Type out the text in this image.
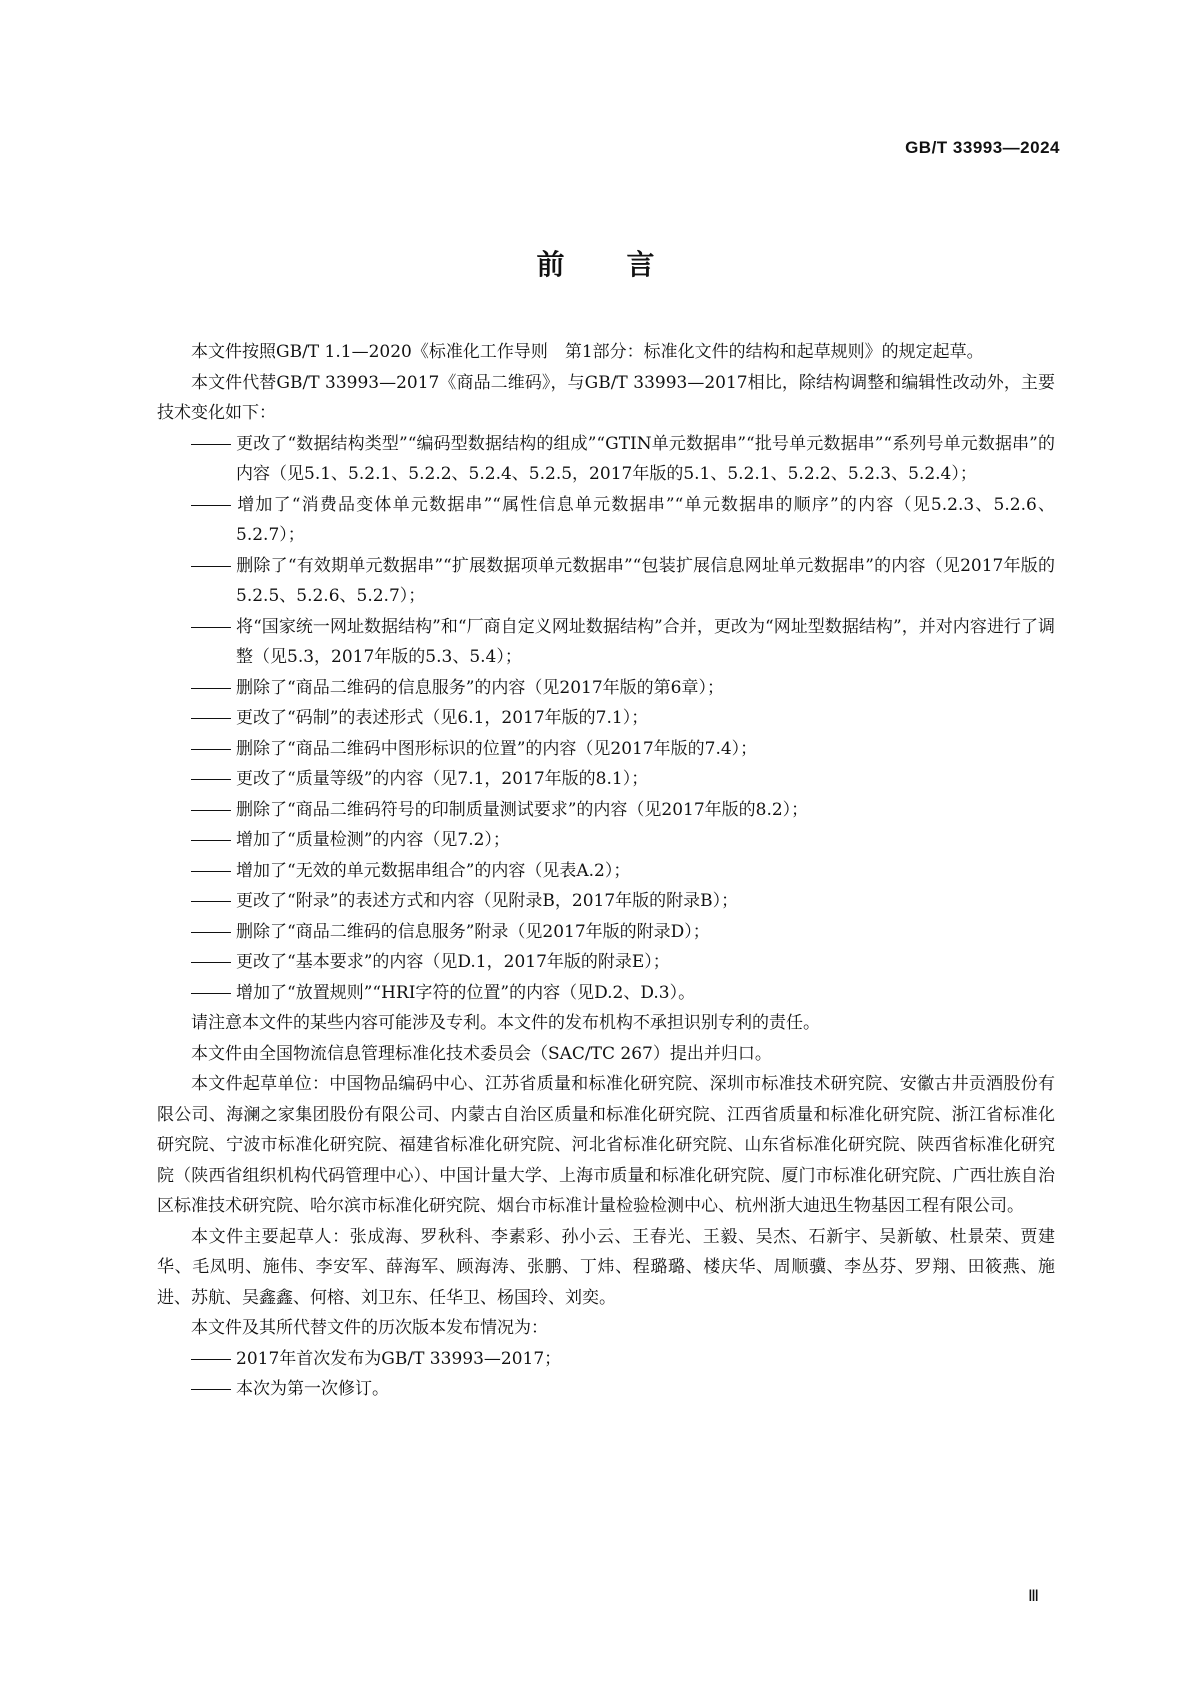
GB/T 33993—2024
前言

本文件按照GB/T 1.1—2020《标准化工作导则　第1部分：标准化文件的结构和起草规则》的规定起草。

本文件代替GB/T 33993—2017《商品二维码》，与GB/T 33993—2017相比，除结构调整和编辑性改动外，主要技术变化如下：

更改了“数据结构类型”“编码型数据结构的组成”“GTIN单元数据串”“批号单元数据串”“系列号单元数据串”的内容（见5.1、5.2.1、5.2.2、5.2.4、5.2.5，2017年版的5.1、5.2.1、5.2.2、5.2.3、5.2.4）；

增加了“消费品变体单元数据串”“属性信息单元数据串”“单元数据串的顺序”的内容（见5.2.3、5.2.6、5.2.7）；

删除了“有效期单元数据串”“扩展数据项单元数据串”“包装扩展信息网址单元数据串”的内容（见2017年版的5.2.5、5.2.6、5.2.7）；

将“国家统一网址数据结构”和“厂商自定义网址数据结构”合并，更改为“网址型数据结构”，并对内容进行了调整（见5.3，2017年版的5.3、5.4）；

删除了“商品二维码的信息服务”的内容（见2017年版的第6章）；

更改了“码制”的表述形式（见6.1，2017年版的7.1）；

删除了“商品二维码中图形标识的位置”的内容（见2017年版的7.4）；

更改了“质量等级”的内容（见7.1，2017年版的8.1）；

删除了“商品二维码符号的印制质量测试要求”的内容（见2017年版的8.2）；

增加了“质量检测”的内容（见7.2）；

增加了“无效的单元数据串组合”的内容（见表A.2）；

更改了“附录”的表述方式和内容（见附录B，2017年版的附录B）；

删除了“商品二维码的信息服务”附录（见2017年版的附录D）；

更改了“基本要求”的内容（见D.1，2017年版的附录E）；

增加了“放置规则”“HRI字符的位置”的内容（见D.2、D.3）。

请注意本文件的某些内容可能涉及专利。本文件的发布机构不承担识别专利的责任。

本文件由全国物流信息管理标准化技术委员会（SAC/TC 267）提出并归口。

本文件起草单位：中国物品编码中心、江苏省质量和标准化研究院、深圳市标准技术研究院、安徽古井贡酒股份有限公司、海澜之家集团股份有限公司、内蒙古自治区质量和标准化研究院、江西省质量和标准化研究院、浙江省标准化研究院、宁波市标准化研究院、福建省标准化研究院、河北省标准化研究院、山东省标准化研究院、陕西省标准化研究院（陕西省组织机构代码管理中心）、中国计量大学、上海市质量和标准化研究院、厦门市标准化研究院、广西壮族自治区标准技术研究院、哈尔滨市标准化研究院、烟台市标准计量检验检测中心、杭州浙大迪迅生物基因工程有限公司。

本文件主要起草人：张成海、罗秋科、李素彩、孙小云、王春光、王毅、吴杰、石新宇、吴新敏、杜景荣、贾建华、毛凤明、施伟、李安军、薛海军、顾海涛、张鹏、丁炜、程璐璐、楼庆华、周顺骥、李丛芬、罗翔、田筱燕、施进、苏航、吴鑫鑫、何榕、刘卫东、任华卫、杨国玲、刘奕。

本文件及其所代替文件的历次版本发布情况为：

2017年首次发布为GB/T 33993—2017；

本次为第一次修订。

Ⅲ
